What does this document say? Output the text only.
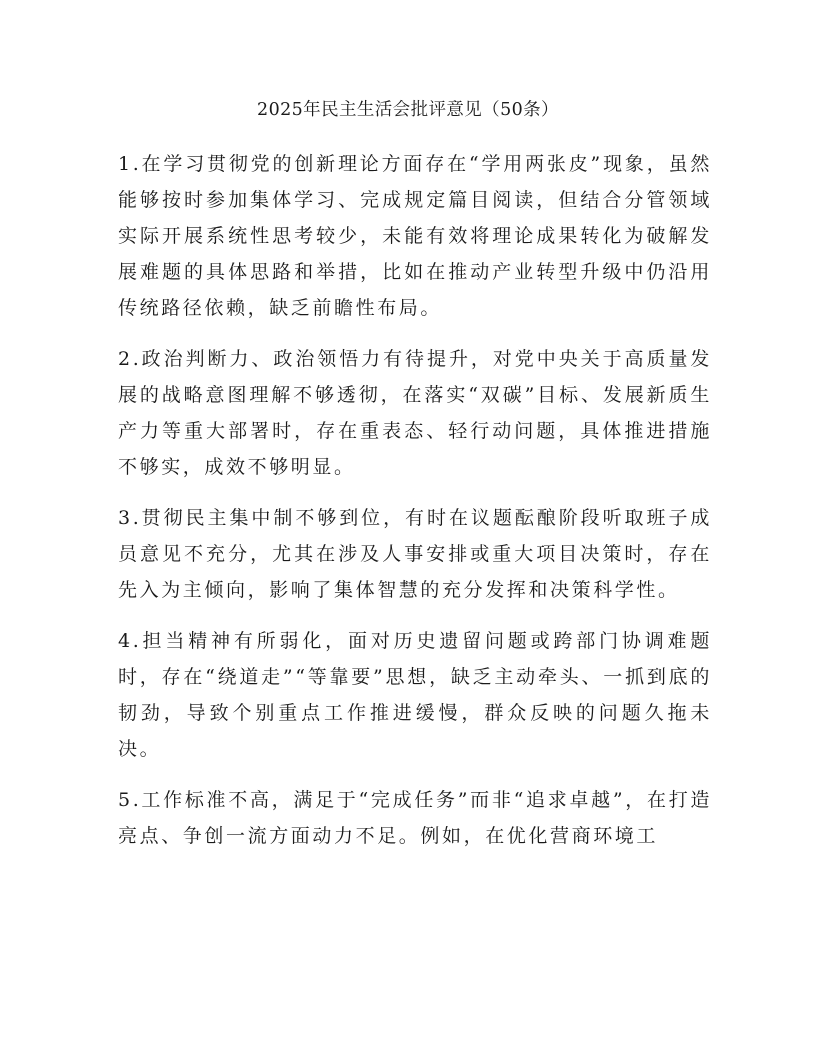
2025年民主生活会批评意见（50条）

1.在学习贯彻党的创新理论方面存在“学用两张皮”现象，虽然能够按时参加集体学习、完成规定篇目阅读，但结合分管领域实际开展系统性思考较少，未能有效将理论成果转化为破解发展难题的具体思路和举措，比如在推动产业转型升级中仍沿用传统路径依赖，缺乏前瞻性布局。

2.政治判断力、政治领悟力有待提升，对党中央关于高质量发展的战略意图理解不够透彻，在落实“双碳”目标、发展新质生产力等重大部署时，存在重表态、轻行动问题，具体推进措施不够实，成效不够明显。

3.贯彻民主集中制不够到位，有时在议题酝酿阶段听取班子成员意见不充分，尤其在涉及人事安排或重大项目决策时，存在先入为主倾向，影响了集体智慧的充分发挥和决策科学性。

4.担当精神有所弱化，面对历史遗留问题或跨部门协调难题时，存在“绕道走”“等靠要”思想，缺乏主动牵头、一抓到底的韧劲，导致个别重点工作推进缓慢，群众反映的问题久拖未决。

5.工作标准不高，满足于“完成任务”而非“追求卓越”，在打造亮点、争创一流方面动力不足。例如，在优化营商环境工
